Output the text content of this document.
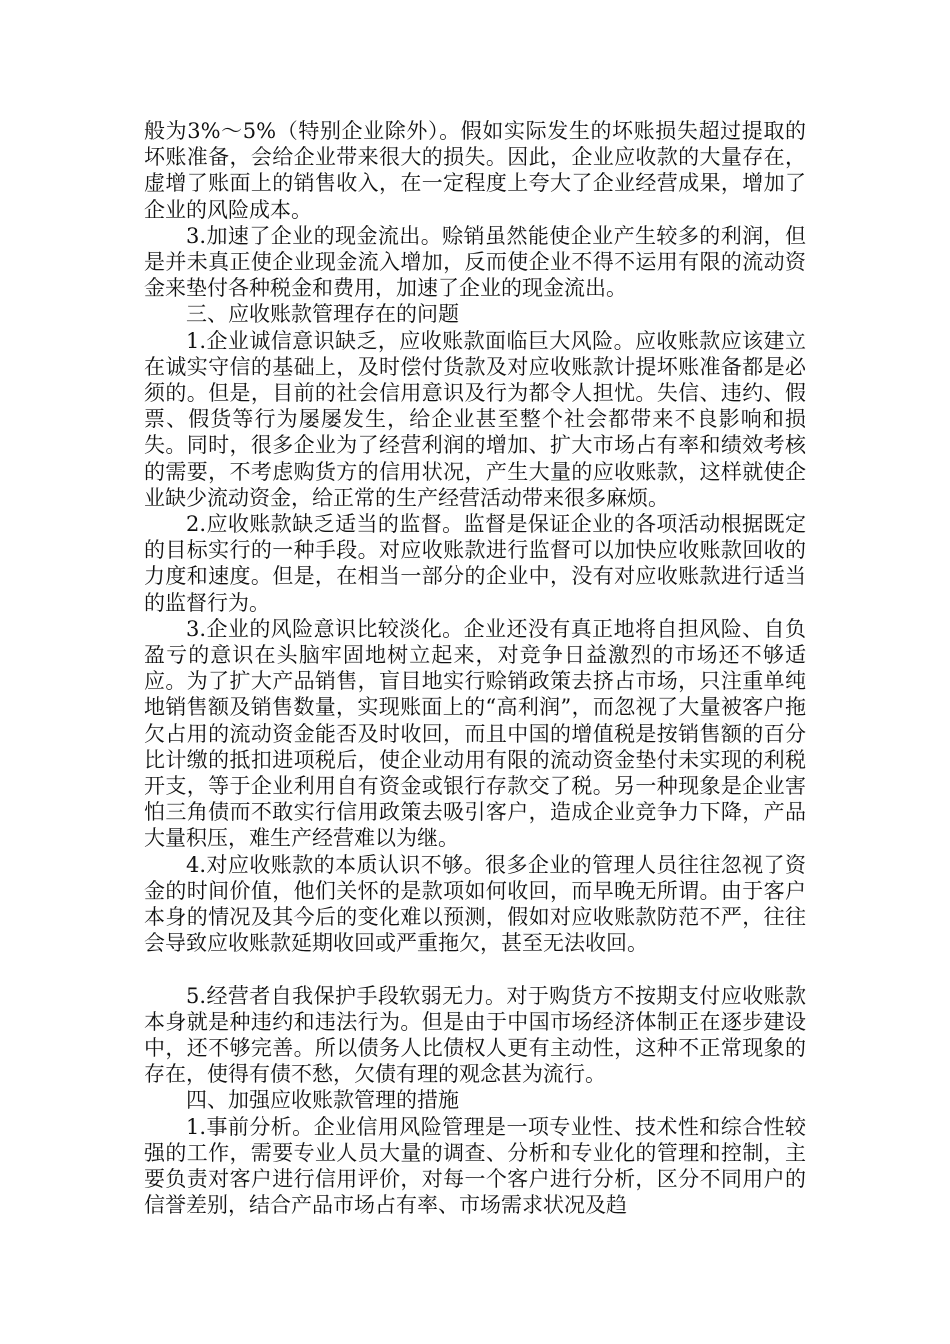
般为3%～5%（特别企业除外）。假如实际发生的坏账损失超过提取的坏账准备，会给企业带来很大的损失。因此，企业应收款的大量存在，虚增了账面上的销售收入，在一定程度上夸大了企业经营成果，增加了企业的风险成本。

3.加速了企业的现金流出。赊销虽然能使企业产生较多的利润，但是并未真正使企业现金流入增加，反而使企业不得不运用有限的流动资金来垫付各种税金和费用，加速了企业的现金流出。

三、应收账款管理存在的问题

1.企业诚信意识缺乏，应收账款面临巨大风险。应收账款应该建立在诚实守信的基础上，及时偿付货款及对应收账款计提坏账准备都是必须的。但是，目前的社会信用意识及行为都令人担忧。失信、违约、假票、假货等行为屡屡发生，给企业甚至整个社会都带来不良影响和损失。同时，很多企业为了经营利润的增加、扩大市场占有率和绩效考核的需要，不考虑购货方的信用状况，产生大量的应收账款，这样就使企业缺少流动资金，给正常的生产经营活动带来很多麻烦。

2.应收账款缺乏适当的监督。监督是保证企业的各项活动根据既定的目标实行的一种手段。对应收账款进行监督可以加快应收账款回收的力度和速度。但是，在相当一部分的企业中，没有对应收账款进行适当的监督行为。

3.企业的风险意识比较淡化。企业还没有真正地将自担风险、自负盈亏的意识在头脑牢固地树立起来，对竞争日益激烈的市场还不够适应。为了扩大产品销售，盲目地实行赊销政策去挤占市场，只注重单纯地销售额及销售数量，实现账面上的“高利润”，而忽视了大量被客户拖欠占用的流动资金能否及时收回，而且中国的增值税是按销售额的百分比计缴的抵扣进项税后，使企业动用有限的流动资金垫付未实现的利税开支，等于企业利用自有资金或银行存款交了税。另一种现象是企业害怕三角债而不敢实行信用政策去吸引客户，造成企业竞争力下降，产品大量积压，难生产经营难以为继。

4.对应收账款的本质认识不够。很多企业的管理人员往往忽视了资金的时间价值，他们关怀的是款项如何收回，而早晚无所谓。由于客户本身的情况及其今后的变化难以预测，假如对应收账款防范不严，往往会导致应收账款延期收回或严重拖欠，甚至无法收回。

5.经营者自我保护手段软弱无力。对于购货方不按期支付应收账款本身就是种违约和违法行为。但是由于中国市场经济体制正在逐步建设中，还不够完善。所以债务人比债权人更有主动性，这种不正常现象的存在，使得有债不愁，欠债有理的观念甚为流行。

四、加强应收账款管理的措施

1.事前分析。企业信用风险管理是一项专业性、技术性和综合性较强的工作，需要专业人员大量的调查、分析和专业化的管理和控制，主要负责对客户进行信用评价，对每一个客户进行分析，区分不同用户的信誉差别，结合产品市场占有率、市场需求状况及趋
